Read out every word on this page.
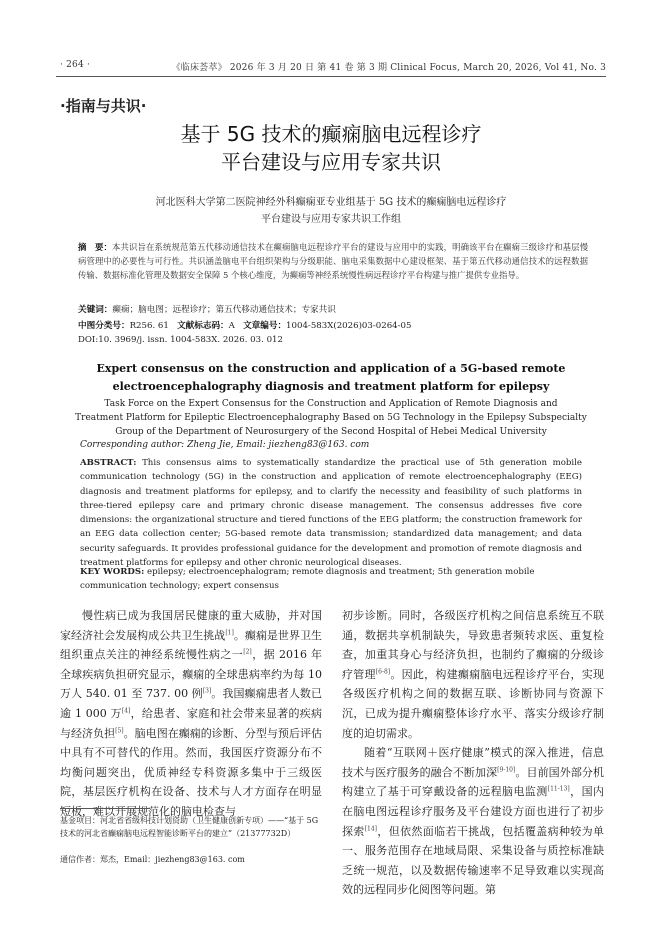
· 264 ·	《临床荟萃》 2026 年 3 月 20 日 第 41 卷 第 3 期 Clinical Focus, March 20, 2026, Vol 41, No. 3
·指南与共识·
基于 5G 技术的癫痫脑电远程诊疗
平台建设与应用专家共识
河北医科大学第二医院神经外科癫痫亚专业组基于 5G 技术的癫痫脑电远程诊疗
平台建设与应用专家共识工作组
摘　要：本共识旨在系统规范第五代移动通信技术在癫痫脑电远程诊疗平台的建设与应用中的实践，明确该平台在癫痫三级诊疗和基层慢病管理中的必要性与可行性。共识涵盖脑电平台组织架构与分级职能、脑电采集数据中心建设框架、基于第五代移动通信技术的远程数据传输、数据标准化管理及数据安全保障 5 个核心维度，为癫痫等神经系统慢性病远程诊疗平台构建与推广提供专业指导。
关键词：癫痫；脑电图；远程诊疗；第五代移动通信技术；专家共识
中图分类号：R256. 61 文献标志码：A 文章编号：1004-583X(2026)03-0264-05
DOI:10. 3969/j. issn. 1004-583X. 2026. 03. 012
Expert consensus on the construction and application of a 5G-based remote
electroencephalography diagnosis and treatment platform for epilepsy
Task Force on the Expert Consensus for the Construction and Application of Remote Diagnosis and
Treatment Platform for Epileptic Electroencephalography Based on 5G Technology in the Epilepsy Subspecialty
Group of the Department of Neurosurgery of the Second Hospital of Hebei Medical University
Corresponding author: Zheng Jie, Email: jiezheng83@163. com
ABSTRACT: This consensus aims to systematically standardize the practical use of 5th generation mobile communication technology (5G) in the construction and application of remote electroencephalography (EEG) diagnosis and treatment platforms for epilepsy, and to clarify the necessity and feasibility of such platforms in three-tiered epilepsy care and primary chronic disease management. The consensus addresses five core dimensions: the organizational structure and tiered functions of the EEG platform; the construction framework for an EEG data collection center; 5G-based remote data transmission; standardized data management; and data security safeguards. It provides professional guidance for the development and promotion of remote diagnosis and treatment platforms for epilepsy and other chronic neurological diseases.
KEY WORDS: epilepsy; electroencephalogram; remote diagnosis and treatment; 5th generation mobile communication technology; expert consensus

慢性病已成为我国居民健康的重大威胁，并对国家经济社会发展构成公共卫生挑战[1]。癫痫是世界卫生组织重点关注的神经系统慢性病之一[2]，据 2016 年全球疾病负担研究显示，癫痫的全球患病率约为每 10 万人 540. 01 至 737. 00 例[3]。我国癫痫患者人数已逾 1 000 万[4]，给患者、家庭和社会带来显著的疾病与经济负担[5]。脑电图在癫痫的诊断、分型与预后评估中具有不可替代的作用。然而，我国医疗资源分布不均衡问题突出，优质神经专科资源多集中于三级医院，基层医疗机构在设备、技术与人才方面存在明显短板，难以开展规范化的脑电检查与

基金项目：河北省省级科技计划资助（卫生健康创新专项）——“基于 5G 技术的河北省癫痫脑电远程智能诊断平台的建立”（21377732D）
通信作者：郑杰，Email：jiezheng83@163. com

初步诊断。同时，各级医疗机构之间信息系统互不联通，数据共享机制缺失，导致患者频转求医、重复检查，加重其身心与经济负担，也制约了癫痫的分级诊疗管理[6-8]。因此，构建癫痫脑电远程诊疗平台，实现各级医疗机构之间的数据互联、诊断协同与资源下沉，已成为提升癫痫整体诊疗水平、落实分级诊疗制度的迫切需求。

随着“互联网＋医疗健康”模式的深入推进，信息技术与医疗服务的融合不断加深[9-10]。目前国外部分机构建立了基于可穿戴设备的远程脑电监测[11-13]，国内在脑电图远程诊疗服务及平台建设方面也进行了初步探索[14]，但依然面临若干挑战，包括覆盖病种较为单一、服务范围存在地域局限、采集设备与质控标准缺乏统一规范，以及数据传输速率不足导致难以实现高效的远程同步化阅图等问题。第
